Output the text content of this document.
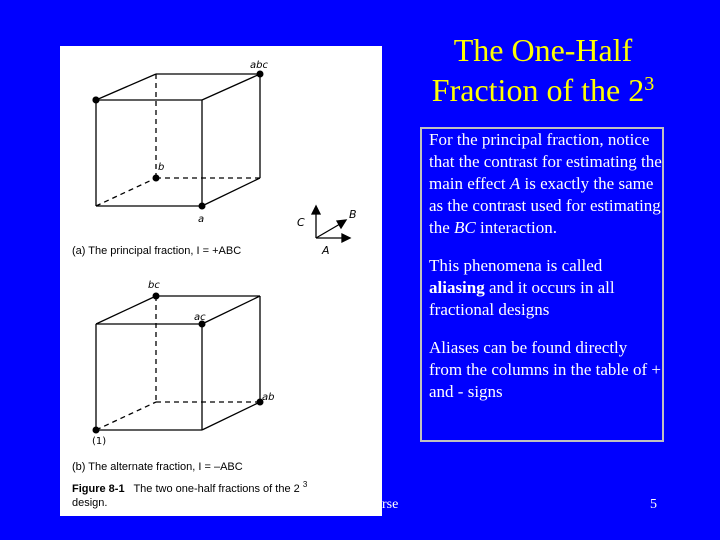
abc
c
b
a
A
C
B
(a) The principal fraction, I = +ABC
bc
ac
ab
(1)
(b) The alternate fraction, I = –ABC
Figure 8-1 The two one-half fractions of the 2 $^3$
design.
The One-Half
Fraction of the $2^3$

For the principal fraction, notice that the contrast for estimating the main effect A is exactly the same as the contrast used for estimating the BC interaction.

This phenomena is called aliasing and it occurs in all fractional designs

Aliases can be found directly from the columns in the table of + and - signs

rse	5
